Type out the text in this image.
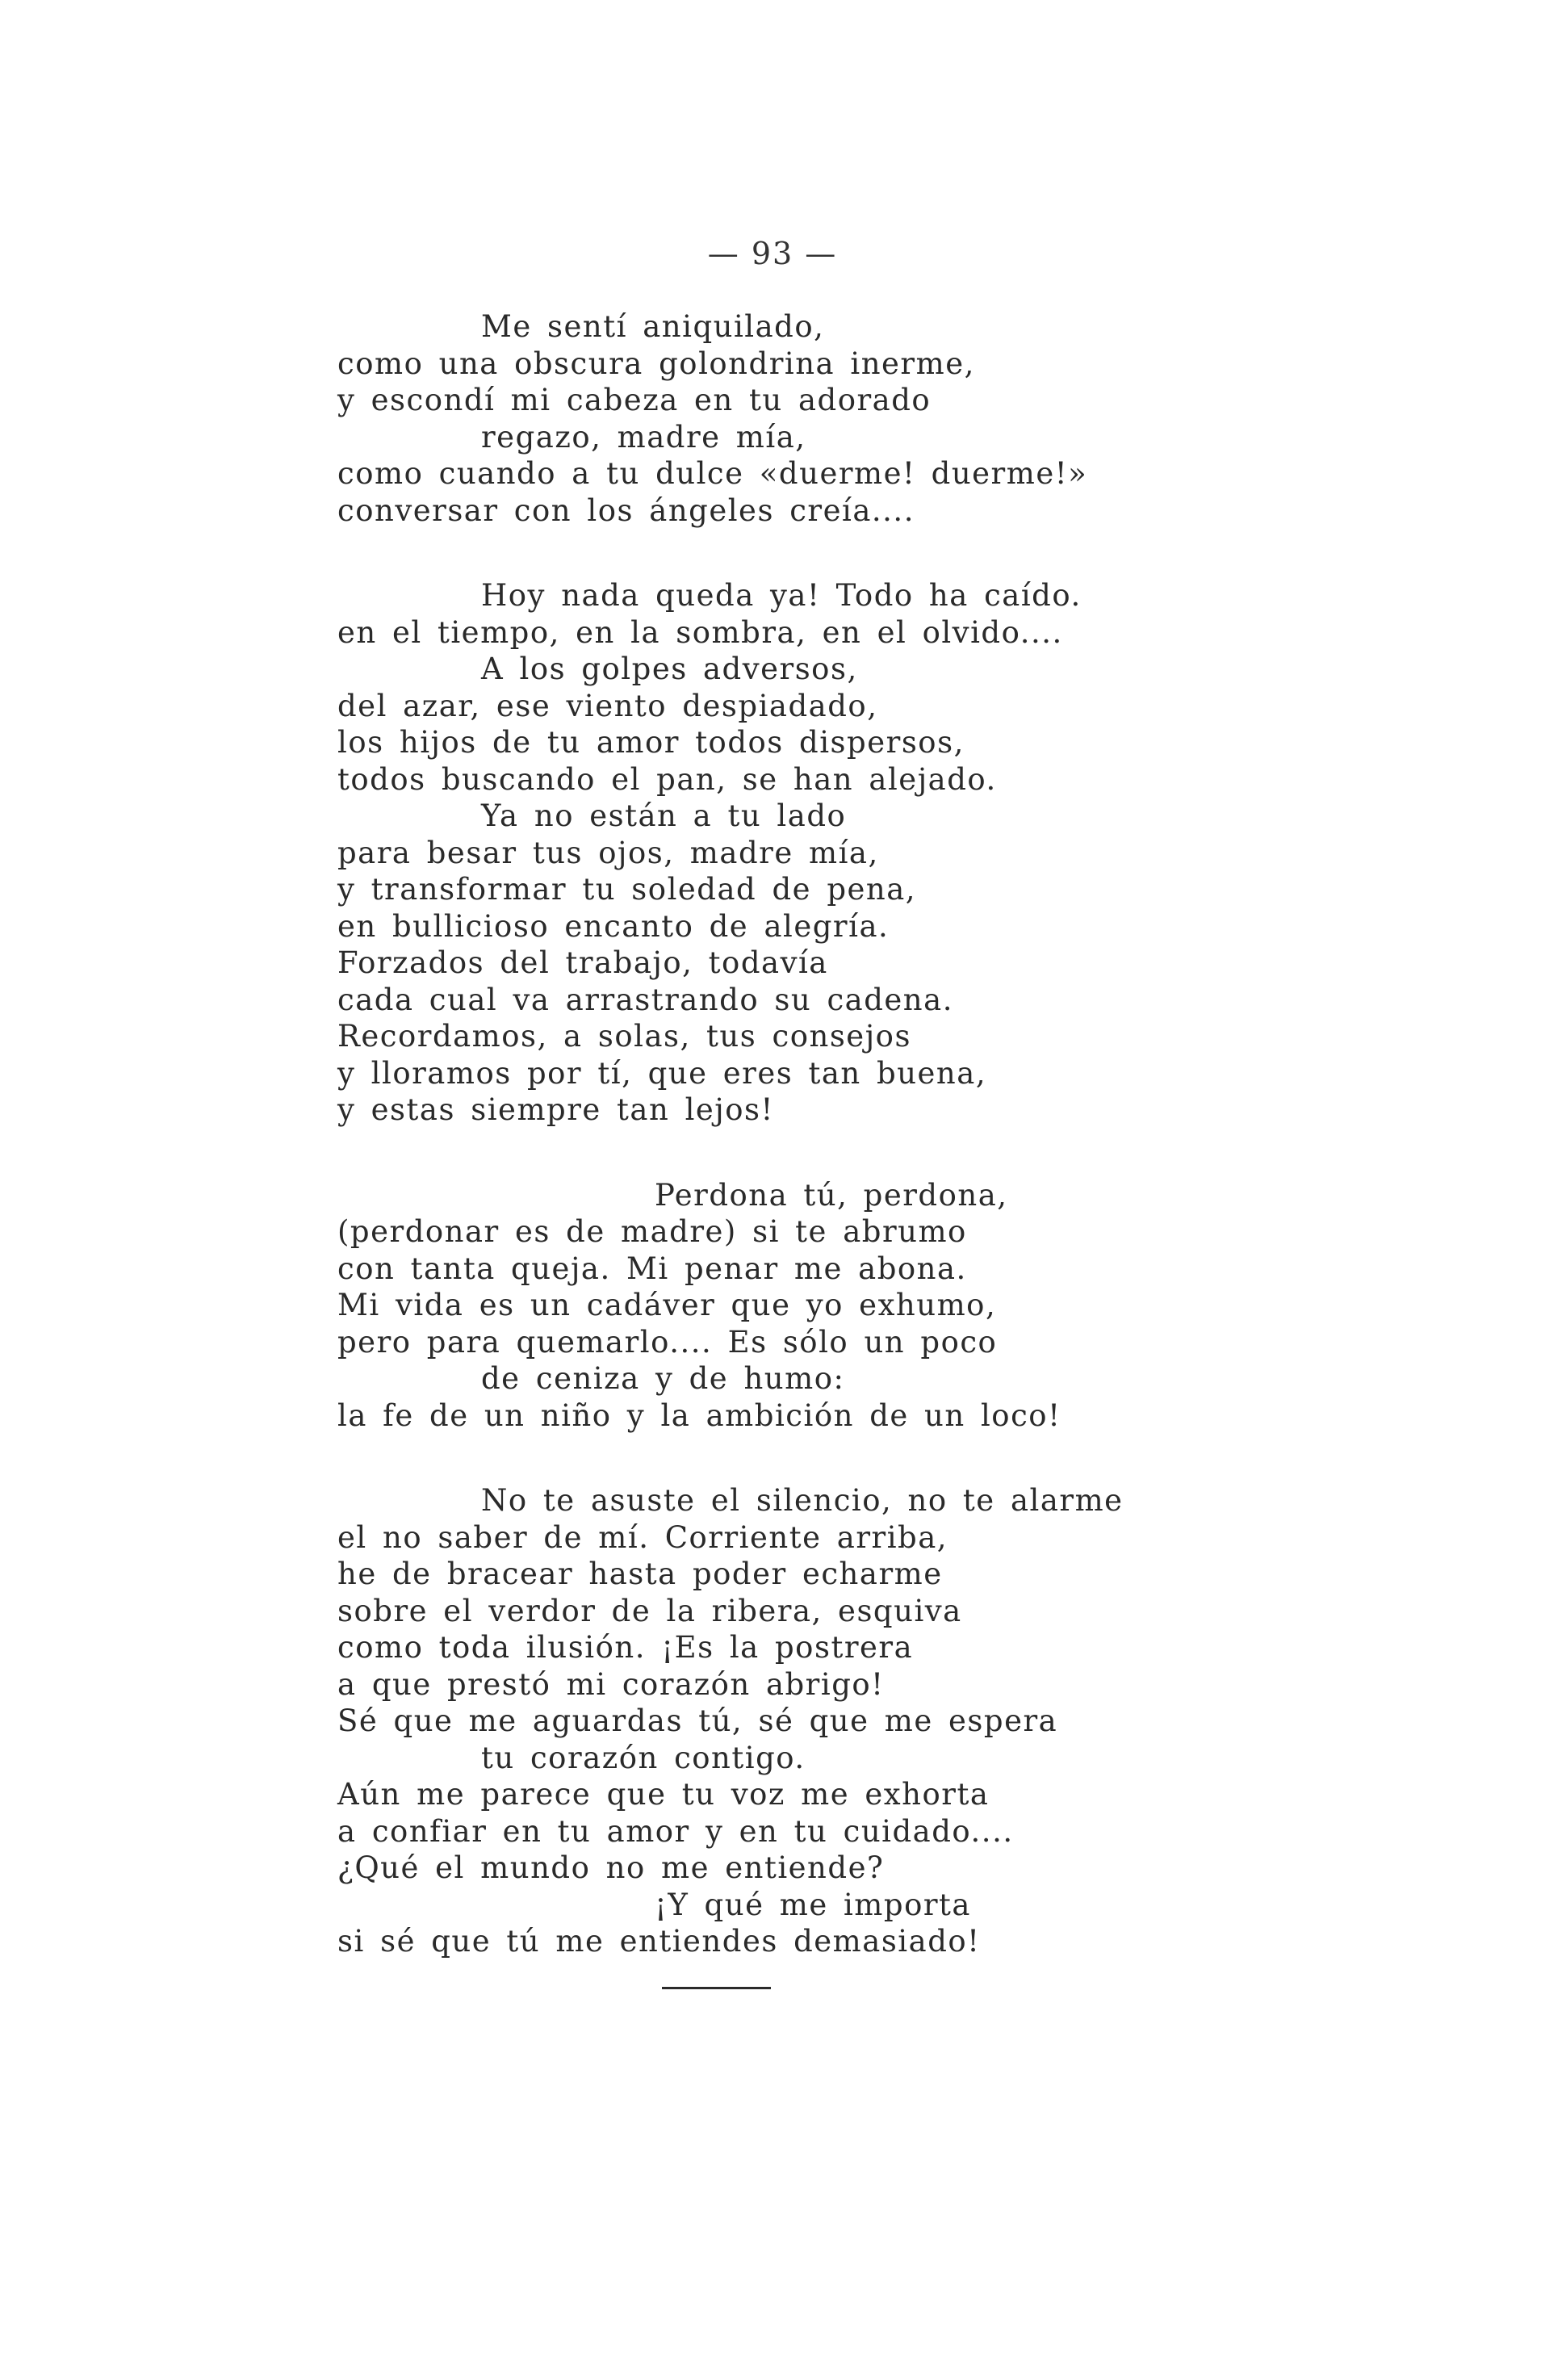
— 93 —
Me sentí aniquilado,
como una obscura golondrina inerme,
y escondí mi cabeza en tu adorado
regazo, madre mía,
como cuando a tu dulce «duerme! duerme!»
conversar con los ángeles creía....
Hoy nada queda ya! Todo ha caído.
en el tiempo, en la sombra, en el olvido....
A los golpes adversos,
del azar, ese viento despiadado,
los hijos de tu amor todos dispersos,
todos buscando el pan, se han alejado.
Ya no están a tu lado
para besar tus ojos, madre mía,
y transformar tu soledad de pena,
en bullicioso encanto de alegría.
Forzados del trabajo, todavía
cada cual va arrastrando su cadena.
Recordamos, a solas, tus consejos
y lloramos por tí, que eres tan buena,
y estas siempre tan lejos!
Perdona tú, perdona,
(perdonar es de madre) si te abrumo
con tanta queja. Mi penar me abona.
Mi vida es un cadáver que yo exhumo,
pero para quemarlo.... Es sólo un poco
de ceniza y de humo:
la fe de un niño y la ambición de un loco!
No te asuste el silencio, no te alarme
el no saber de mí. Corriente arriba,
he de bracear hasta poder echarme
sobre el verdor de la ribera, esquiva
como toda ilusión. ¡Es la postrera
a que prestó mi corazón abrigo!
Sé que me aguardas tú, sé que me espera
tu corazón contigo.
Aún me parece que tu voz me exhorta
a confiar en tu amor y en tu cuidado....
¿Qué el mundo no me entiende?
¡Y qué me importa
si sé que tú me entiendes demasiado!
